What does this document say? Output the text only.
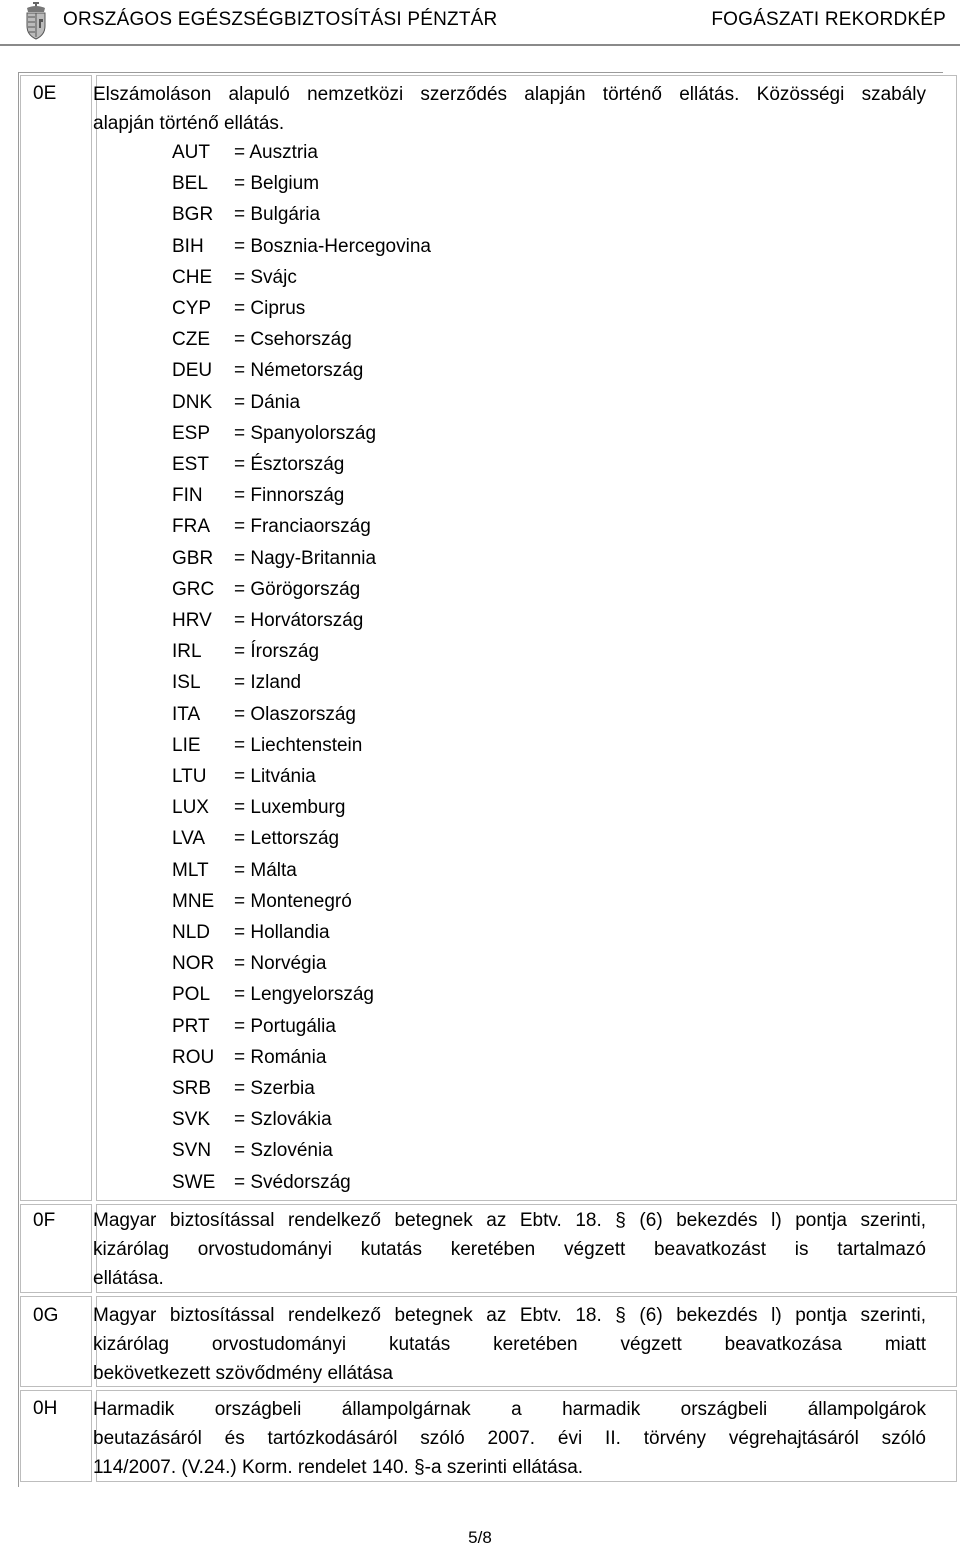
ORSZÁGOS EGÉSZSÉGBIZTOSÍTÁSI PÉNZTÁR	FOGÁSZATI REKORDKÉP
0E Elszámoláson alapuló nemzetközi szerződés alapján történő ellátás. Közösségi szabály
alapján történő ellátás.
AUT = Ausztria
BEL = Belgium
BGR = Bulgária
BIH = Bosznia-Hercegovina
CHE = Svájc
CYP = Ciprus
CZE = Csehország
DEU = Németország
DNK = Dánia
ESP = Spanyolország
EST = Észtország
FIN = Finnország
FRA = Franciaország
GBR = Nagy-Britannia
GRC = Görögország
HRV = Horvátország
IRL = Írország
ISL = Izland
ITA = Olaszország
LIE = Liechtenstein
LTU = Litvánia
LUX = Luxemburg
LVA = Lettország
MLT = Málta
MNE = Montenegró
NLD = Hollandia
NOR = Norvégia
POL = Lengyelország
PRT = Portugália
ROU = Románia
SRB = Szerbia
SVK = Szlovákia
SVN = Szlovénia
SWE = Svédország
0F Magyar biztosítással rendelkező betegnek az Ebtv. 18. § (6) bekezdés l) pontja szerinti,
kizárólag orvostudományi kutatás keretében végzett beavatkozást is tartalmazó
ellátása.
0G Magyar biztosítással rendelkező betegnek az Ebtv. 18. § (6) bekezdés l) pontja szerinti,
kizárólag orvostudományi kutatás keretében végzett beavatkozása miatt
bekövetkezett szövődmény ellátása
0H Harmadik országbeli állampolgárnak a harmadik országbeli állampolgárok
beutazásáról és tartózkodásáról szóló 2007. évi II. törvény végrehajtásáról szóló
114/2007. (V.24.) Korm. rendelet 140. §-a szerinti ellátása.
5/8
